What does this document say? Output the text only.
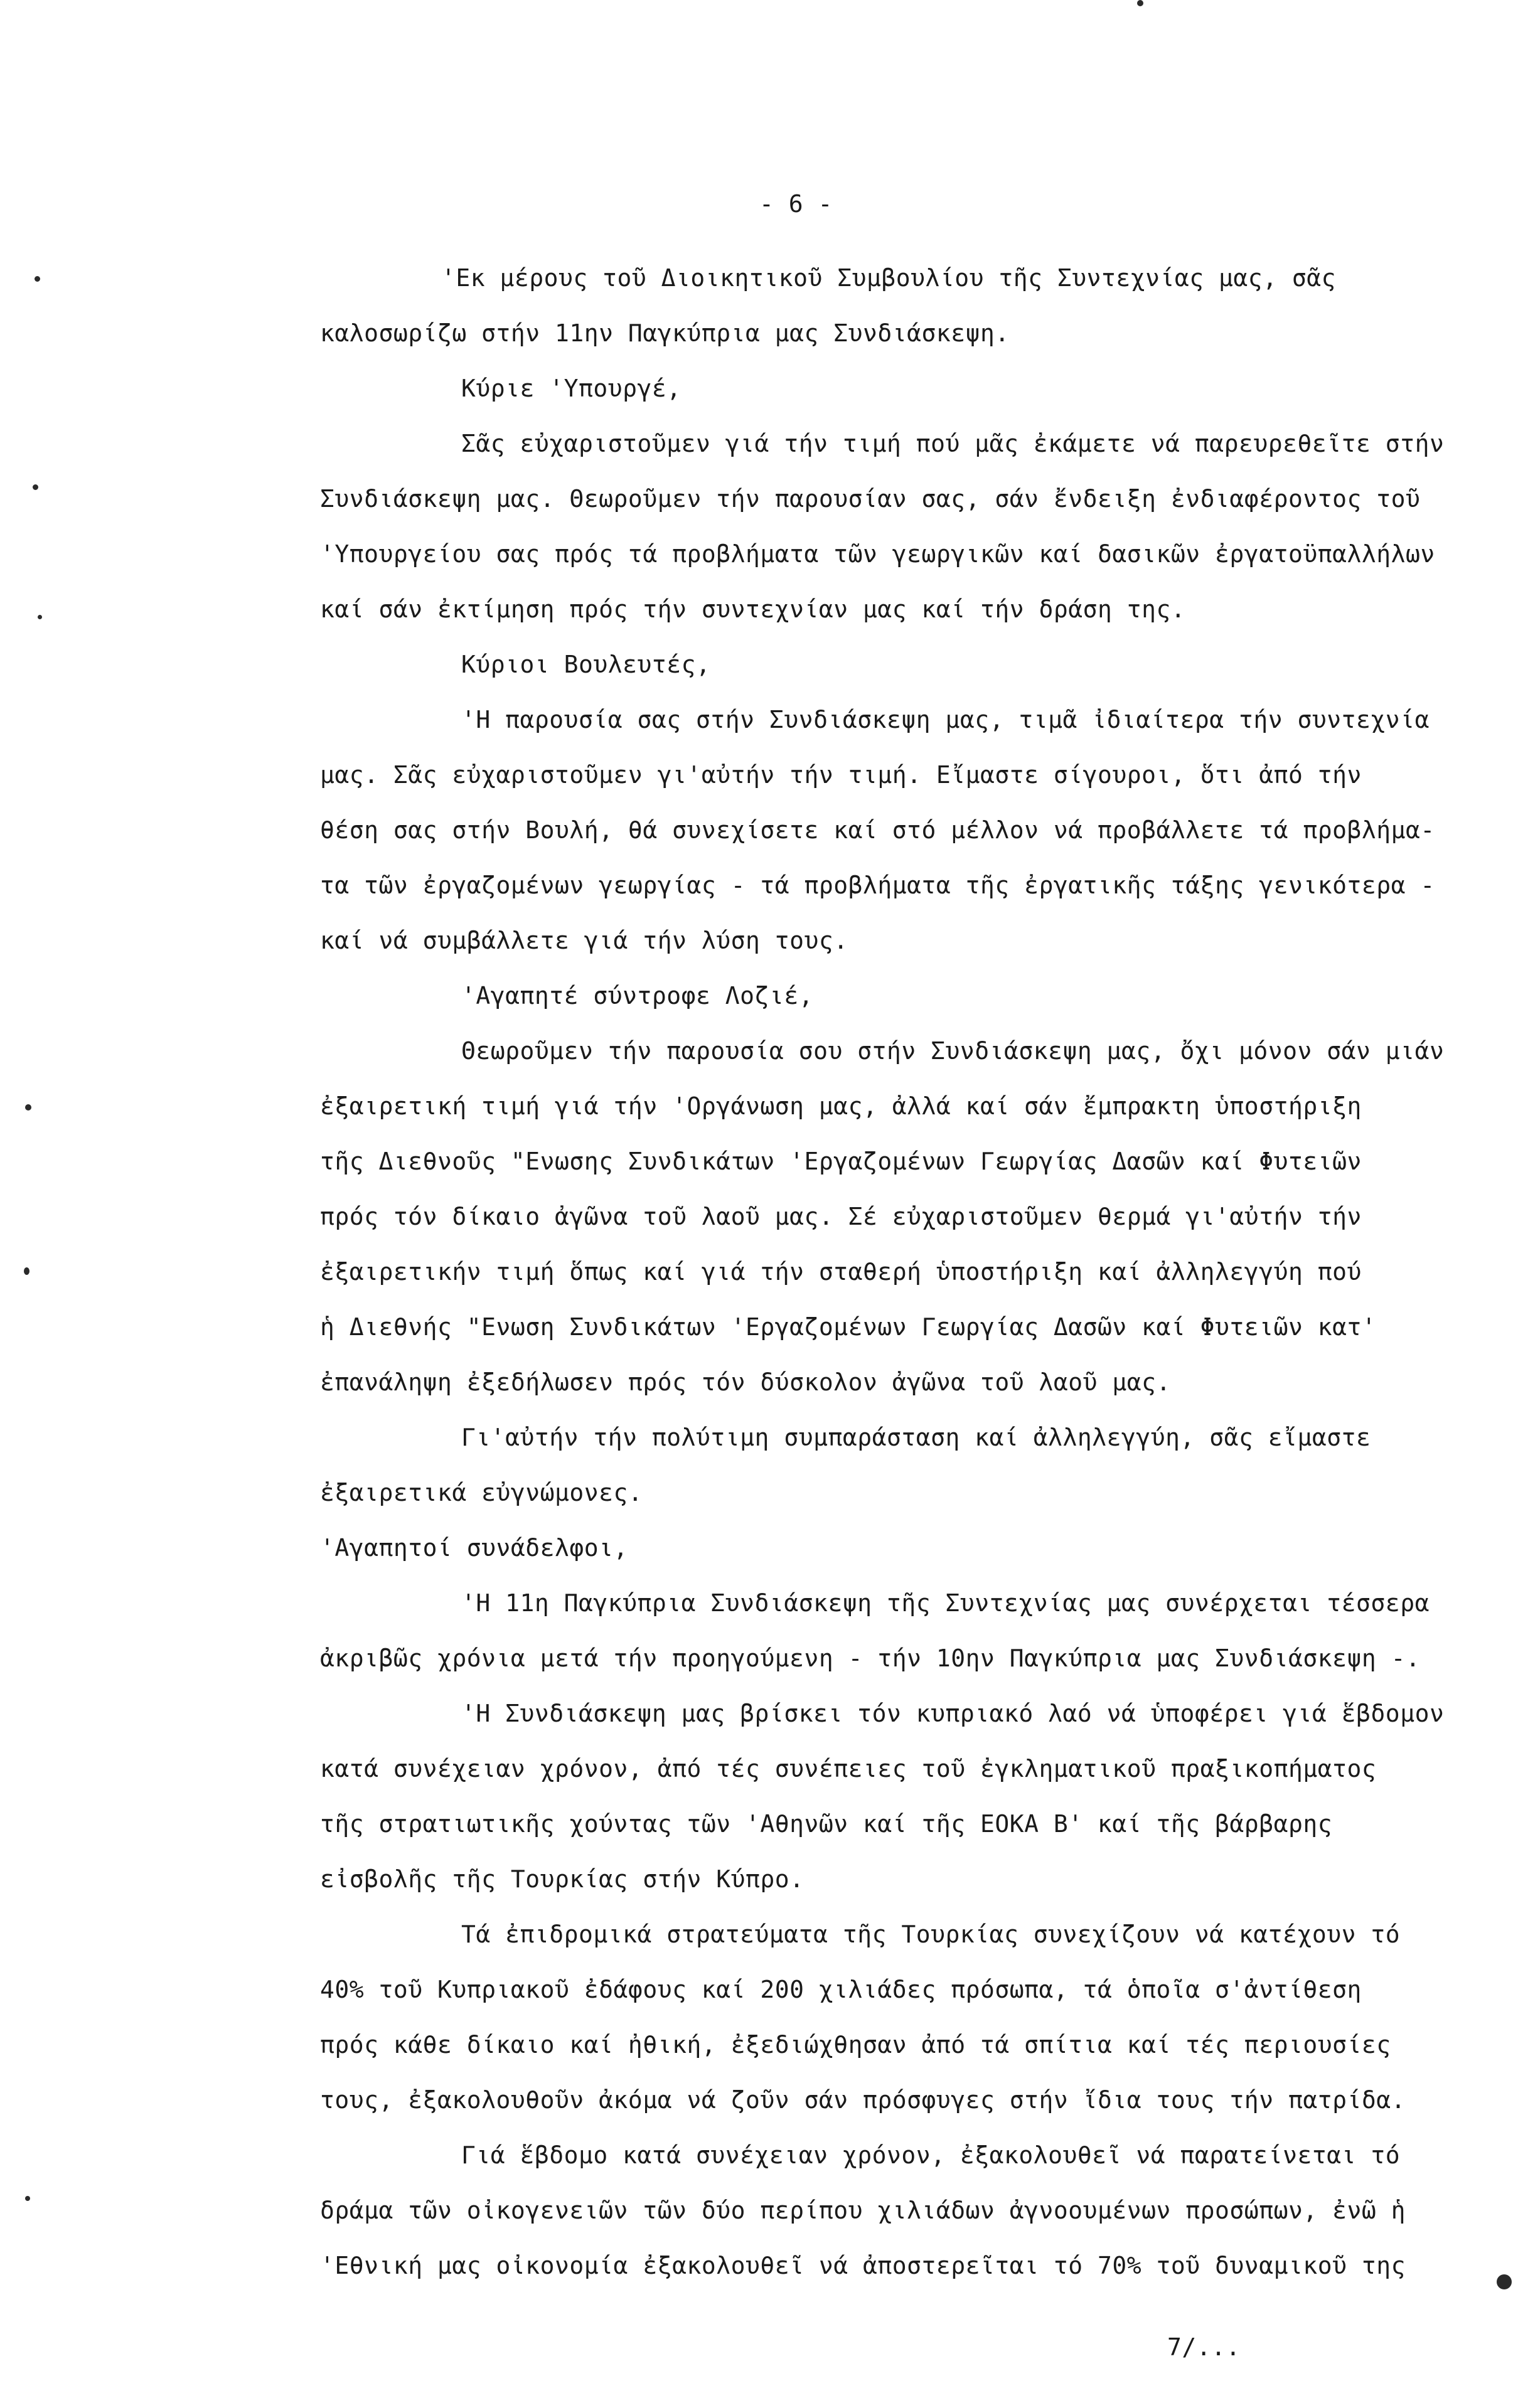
- 6 -
'Εκ μέρους τοῦ Διοικητικοῦ Συμβουλίου τῆς Συντεχνίας μας, σᾶς
καλοσωρίζω στήν 11ην Παγκύπρια μας Συνδιάσκεψη.
Κύριε 'Υπουργέ,
Σᾶς εὐχαριστοῦμεν γιά τήν τιμή πού μᾶς ἐκάμετε νά παρευρεθεῖτε στήν
Συνδιάσκεψη μας. Θεωροῦμεν τήν παρουσίαν σας, σάν ἔνδειξη ἐνδιαφέροντος τοῦ
'Υπουργείου σας πρός τά προβλήματα τῶν γεωργικῶν καί δασικῶν ἐργατοϋπαλλήλων
καί σάν ἐκτίμηση πρός τήν συντεχνίαν μας καί τήν δράση της.
Κύριοι Βουλευτές,
'Η παρουσία σας στήν Συνδιάσκεψη μας, τιμᾶ ἰδιαίτερα τήν συντεχνία
μας. Σᾶς εὐχαριστοῦμεν γι'αὐτήν τήν τιμή. Εἴμαστε σίγουροι, ὅτι ἀπό τήν
θέση σας στήν Βουλή, θά συνεχίσετε καί στό μέλλον νά προβάλλετε τά προβλήμα-
τα τῶν ἐργαζομένων γεωργίας - τά προβλήματα τῆς ἐργατικῆς τάξης γενικότερα -
καί νά συμβάλλετε γιά τήν λύση τους.
'Αγαπητέ σύντροφε Λοζιέ,
Θεωροῦμεν τήν παρουσία σου στήν Συνδιάσκεψη μας, ὄχι μόνον σάν μιάν
ἐξαιρετική τιμή γιά τήν 'Οργάνωση μας, ἀλλά καί σάν ἔμπρακτη ὑποστήριξη
τῆς Διεθνοῦς "Ενωσης Συνδικάτων 'Εργαζομένων Γεωργίας Δασῶν καί Φυτειῶν
πρός τόν δίκαιο ἀγῶνα τοῦ λαοῦ μας. Σέ εὐχαριστοῦμεν θερμά γι'αὐτήν τήν
ἐξαιρετικήν τιμή ὅπως καί γιά τήν σταθερή ὑποστήριξη καί ἀλληλεγγύη πού
ἡ Διεθνής "Ενωση Συνδικάτων 'Εργαζομένων Γεωργίας Δασῶν καί Φυτειῶν κατ'
ἐπανάληψη ἐξεδήλωσεν πρός τόν δύσκολον ἀγῶνα τοῦ λαοῦ μας.
Γι'αὐτήν τήν πολύτιμη συμπαράσταση καί ἀλληλεγγύη, σᾶς εἴμαστε
ἐξαιρετικά εὐγνώμονες.
'Αγαπητοί συνάδελφοι,
'Η 11η Παγκύπρια Συνδιάσκεψη τῆς Συντεχνίας μας συνέρχεται τέσσερα
ἀκριβῶς χρόνια μετά τήν προηγούμενη - τήν 10ην Παγκύπρια μας Συνδιάσκεψη -.
'Η Συνδιάσκεψη μας βρίσκει τόν κυπριακό λαό νά ὑποφέρει γιά ἕβδομον
κατά συνέχειαν χρόνον, ἀπό τές συνέπειες τοῦ ἐγκληματικοῦ πραξικοπήματος
τῆς στρατιωτικῆς χούντας τῶν 'Αθηνῶν καί τῆς ΕΟΚΑ Β' καί τῆς βάρβαρης
εἰσβολῆς τῆς Τουρκίας στήν Κύπρο.
Τά ἐπιδρομικά στρατεύματα τῆς Τουρκίας συνεχίζουν νά κατέχουν τό
40% τοῦ Κυπριακοῦ ἐδάφους καί 200 χιλιάδες πρόσωπα, τά ὁποῖα σ'ἀντίθεση
πρός κάθε δίκαιο καί ἠθική, ἐξεδιώχθησαν ἀπό τά σπίτια καί τές περιουσίες
τους, ἐξακολουθοῦν ἀκόμα νά ζοῦν σάν πρόσφυγες στήν ἴδια τους τήν πατρίδα.
Γιά ἕβδομο κατά συνέχειαν χρόνον, ἐξακολουθεῖ νά παρατείνεται τό
δράμα τῶν οἰκογενειῶν τῶν δύο περίπου χιλιάδων ἀγνοουμένων προσώπων, ἐνῶ ἡ
'Εθνική μας οἰκονομία ἐξακολουθεῖ νά ἀποστερεῖται τό 70% τοῦ δυναμικοῦ της
7/...
